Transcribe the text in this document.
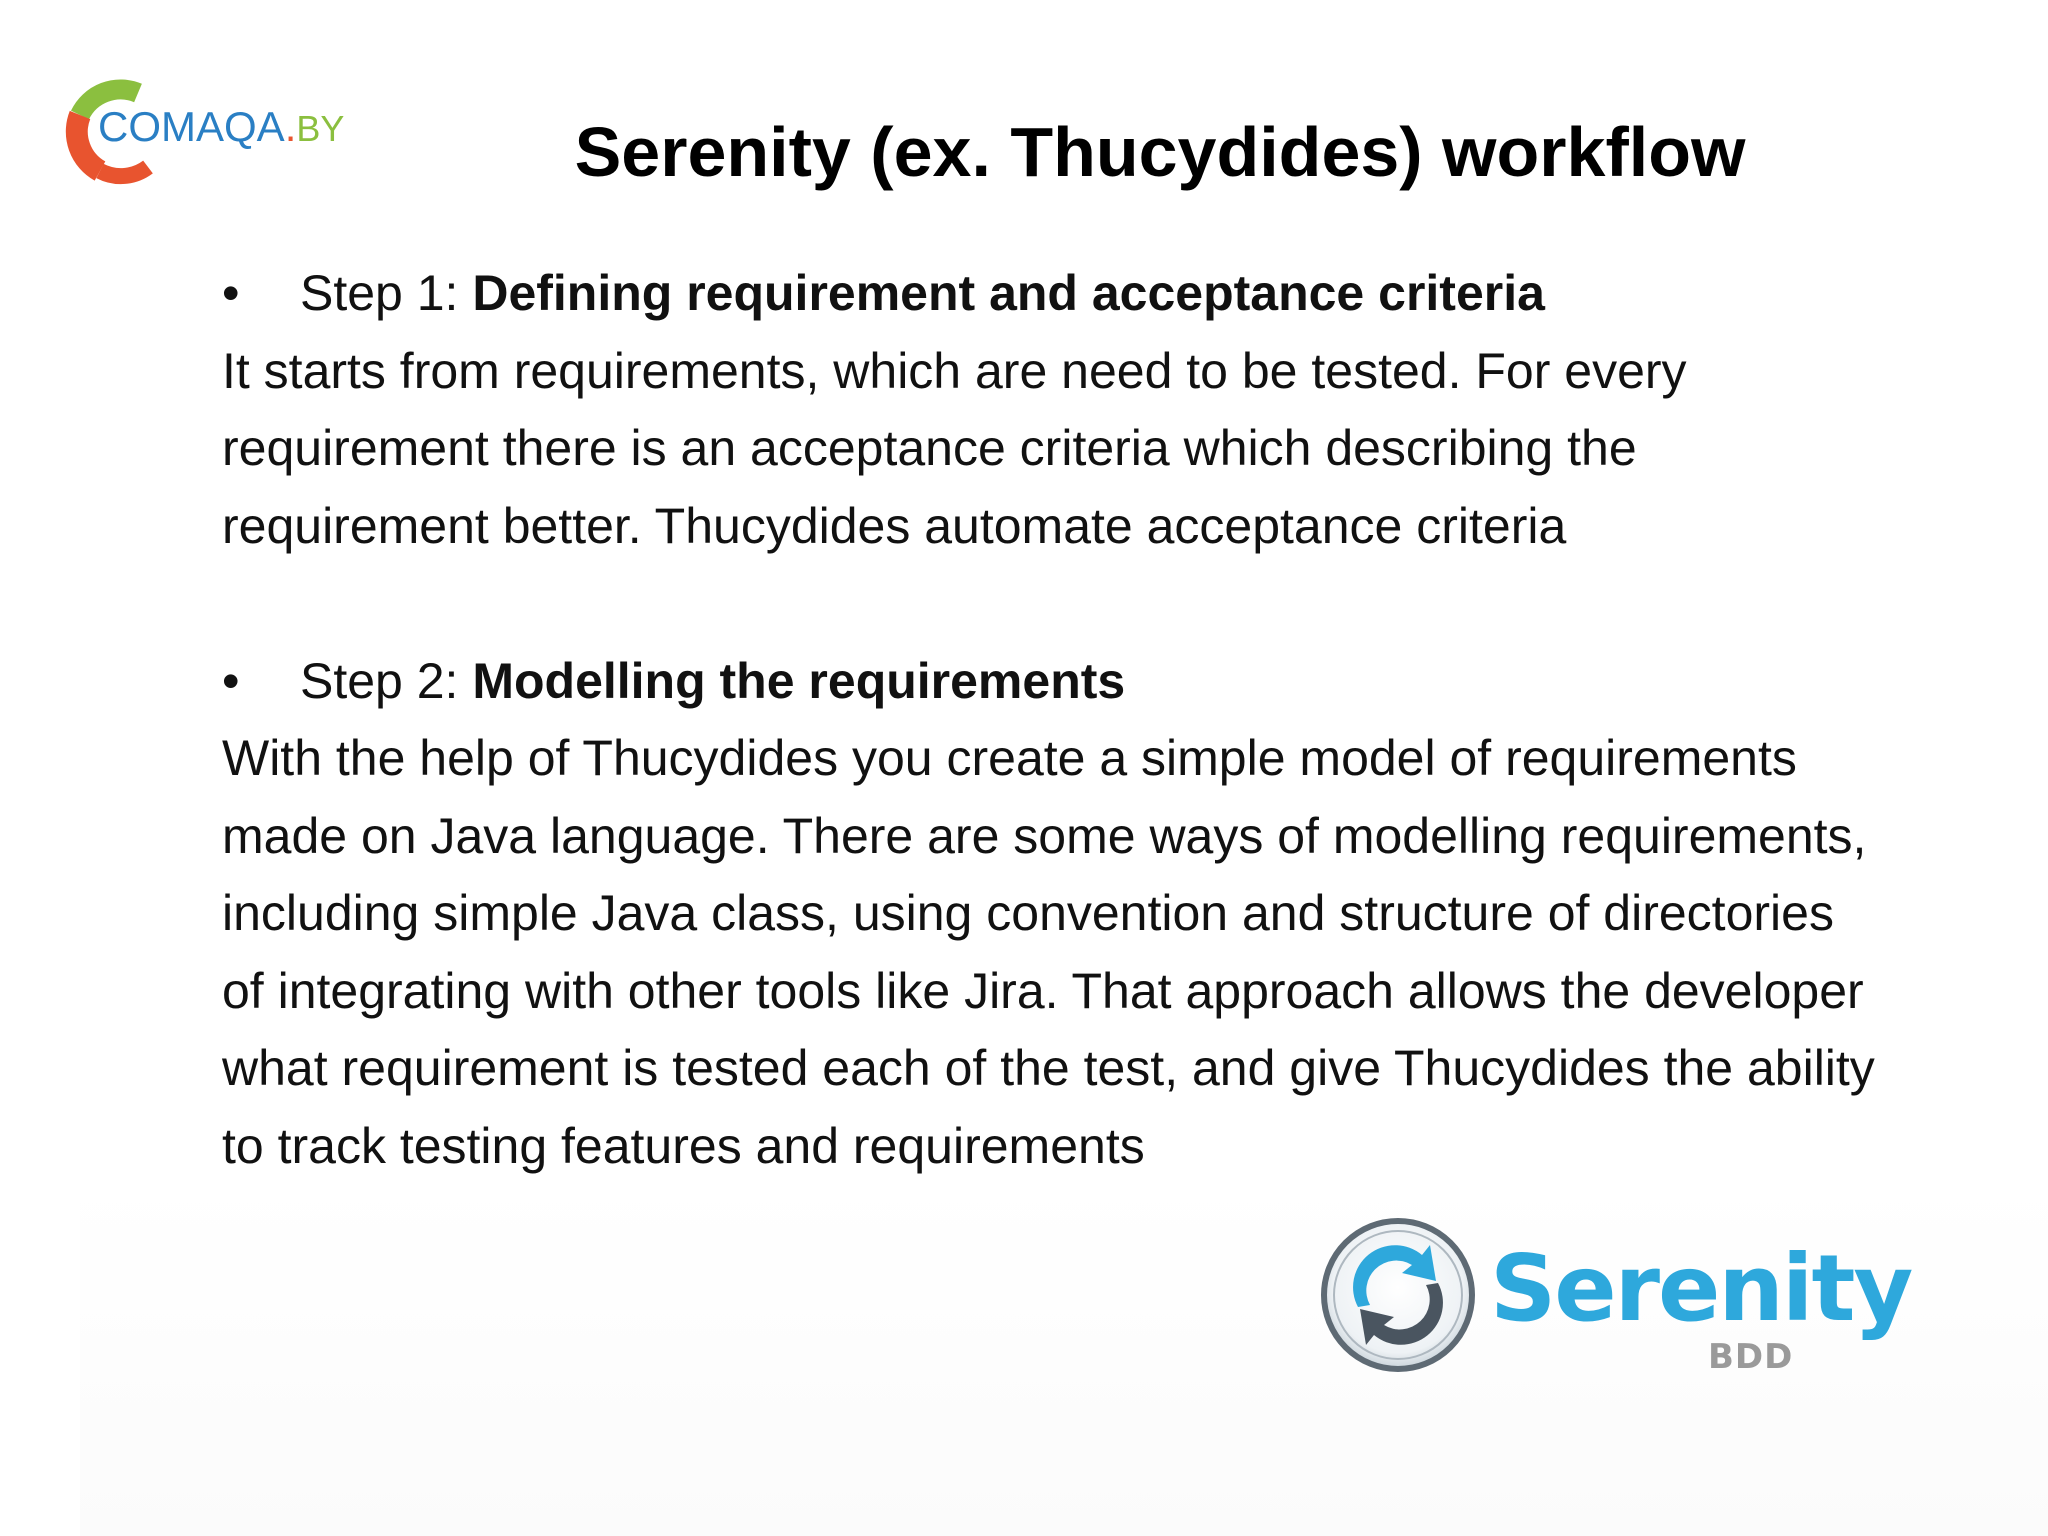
COMAQA.BY	Serenity (ex. Thucydides) workflow
• Step 1: Defining requirement and acceptance criteria
It starts from requirements, which are need to be tested. For every
requirement there is an acceptance criteria which describing the
requirement better. Thucydides automate acceptance criteria
• Step 2: Modelling the requirements
With the help of Thucydides you create a simple model of requirements
made on Java language. There are some ways of modelling requirements,
including simple Java class, using convention and structure of directories
of integrating with other tools like Jira. That approach allows the developer
what requirement is tested each of the test, and give Thucydides the ability
to track testing features and requirements
Serenity
BDD
